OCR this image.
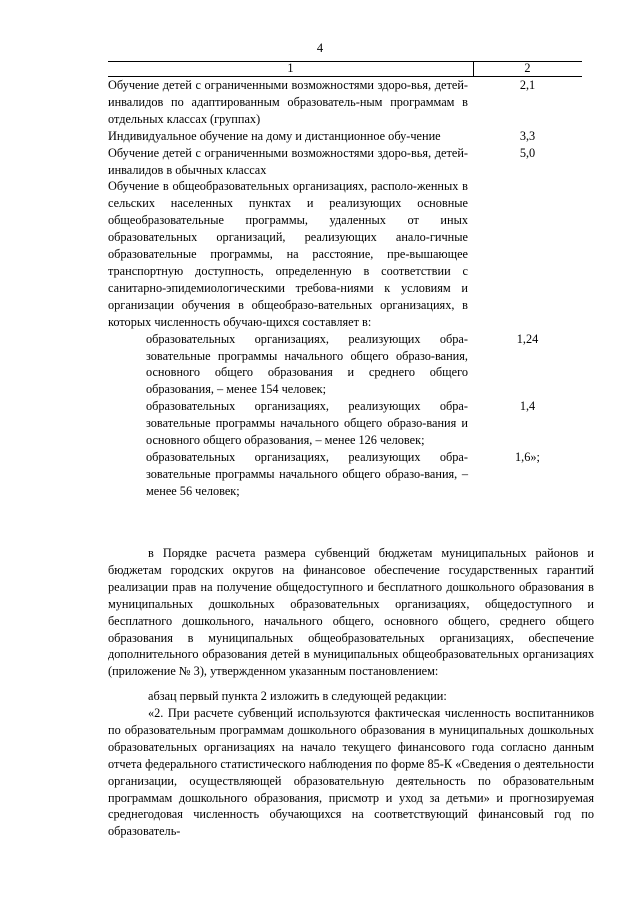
4
1	2
Обучение детей с ограниченными возможностями здоро-вья, детей-инвалидов по адаптированным образователь-ным программам в отдельных классах (группах)
2,1
Индивидуальное обучение на дому и дистанционное обу-чение	3,3
Обучение детей с ограниченными возможностями здоро-вья, детей-инвалидов в обычных классах
5,0
Обучение в общеобразовательных организациях, располо-женных в сельских населенных пунктах и реализующих основные общеобразовательные программы, удаленных от иных образовательных организаций, реализующих анало-гичные образовательные программы, на расстояние, пре-вышающее транспортную доступность, определенную в соответствии с санитарно-эпидемиологическими требова-ниями к условиям и организации обучения в общеобразо-вательных организациях, в которых численность обучаю-щихся составляет в:
образовательных организациях, реализующих обра-зовательные программы начального общего образо-вания, основного общего образования и среднего общего образования, – менее 154 человек;
1,24
образовательных организациях, реализующих обра-зовательные программы начального общего образо-вания и основного общего образования, – менее 126 человек;
1,4
образовательных организациях, реализующих обра-зовательные программы начального общего образо-вания, – менее 56 человек;
1,6»;

в Порядке расчета размера субвенций бюджетам муниципальных районов и бюджетам городских округов на финансовое обеспечение государственных гарантий реализации прав на получение общедоступного и бесплатного дошкольного образования в муниципальных дошкольных образовательных организациях, общедоступного и бесплатного дошкольного, начального общего, основного общего, среднего общего образования в муниципальных общеобразовательных организациях, обеспечение дополнительного образования детей в муниципальных общеобразовательных организациях (приложение № 3), утвержденном указанным постановлением:

абзац первый пункта 2 изложить в следующей редакции:

«2. При расчете субвенций используются фактическая численность воспитанников по образовательным программам дошкольного образования в муниципальных дошкольных образовательных организациях на начало текущего финансового года согласно данным отчета федерального статистического наблюдения по форме 85-К «Сведения о деятельности организации, осуществляющей образовательную деятельность по образовательным программам дошкольного образования, присмотр и уход за детьми» и прогнозируемая среднегодовая численность обучающихся на соответствующий финансовый год по образователь-
